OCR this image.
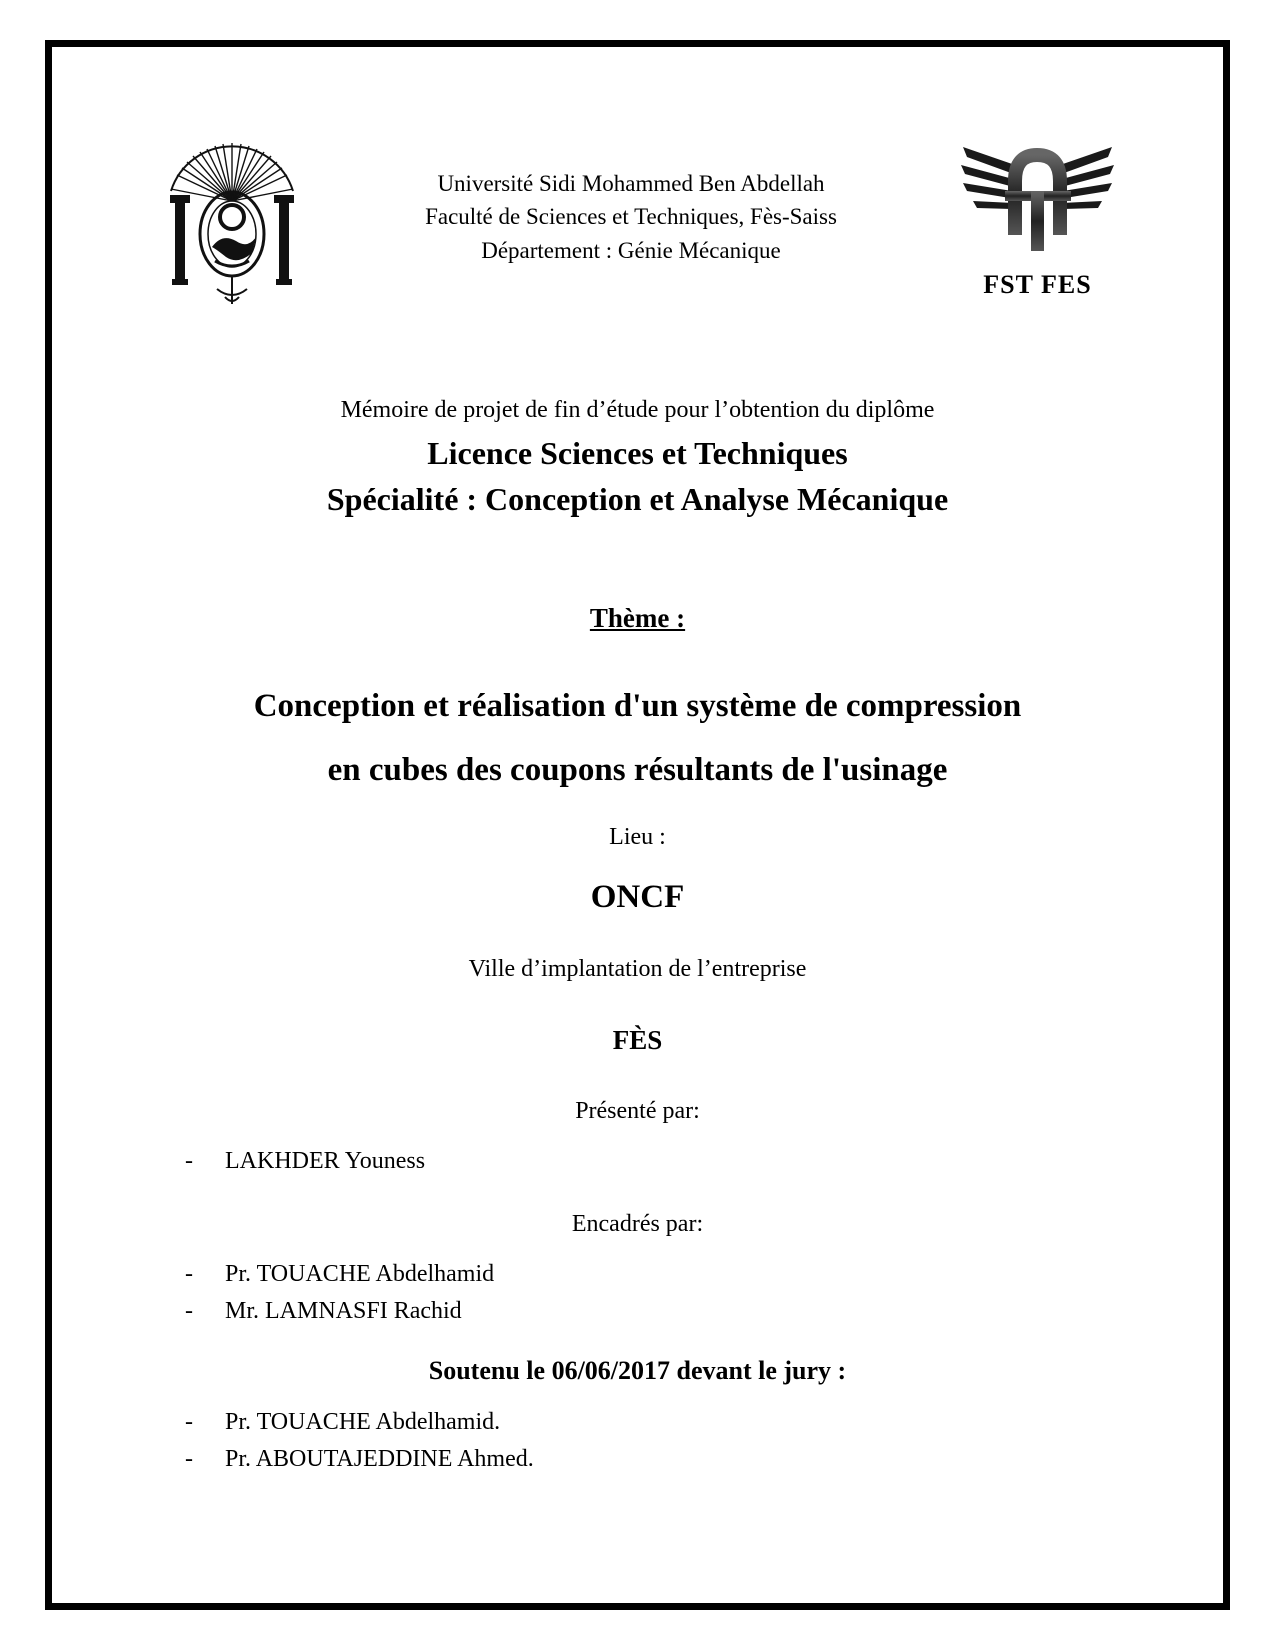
Université Sidi Mohammed Ben Abdellah
Faculté de Sciences et Techniques, Fès-Saiss
Département : Génie Mécanique
FST FES
Mémoire de projet de fin d’étude pour l’obtention du diplôme
Licence Sciences et Techniques
Spécialité : Conception et Analyse Mécanique
Thème :
Conception et réalisation d'un système de compression
en cubes des coupons résultants de l'usinage
Lieu :
ONCF
Ville d’implantation de l’entreprise
FÈS
Présenté par:
- LAKHDER Youness
Encadrés par:
- Pr. TOUACHE Abdelhamid
- Mr. LAMNASFI Rachid
Soutenu le 06/06/2017 devant le jury :
- Pr. TOUACHE Abdelhamid.
- Pr. ABOUTAJEDDINE Ahmed.
